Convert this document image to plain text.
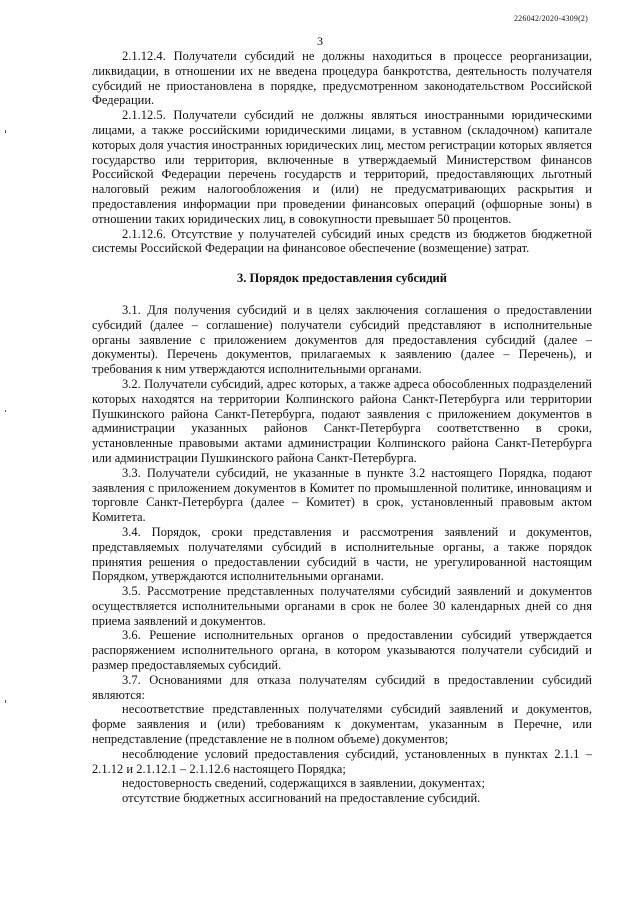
226042/2020-4309(2)
3

2.1.12.4. Получатели субсидий не должны находиться в процессе реорганизации, ликвидации, в отношении их не введена процедура банкротства, деятельность получателя субсидий не приостановлена в порядке, предусмотренном законодательством Российской Федерации.

2.1.12.5. Получатели субсидий не должны являться иностранными юридическими лицами, а также российскими юридическими лицами, в уставном (складочном) капитале которых доля участия иностранных юридических лиц, местом регистрации которых является государство или территория, включенные в утверждаемый Министерством финансов Российской Федерации перечень государств и территорий, предоставляющих льготный налоговый режим налогообложения и (или) не предусматривающих раскрытия и предоставления информации при проведении финансовых операций (офшорные зоны) в отношении таких юридических лиц, в совокупности превышает 50 процентов.

2.1.12.6. Отсутствие у получателей субсидий иных средств из бюджетов бюджетной системы Российской Федерации на финансовое обеспечение (возмещение) затрат.

3. Порядок предоставления субсидий

3.1. Для получения субсидий и в целях заключения соглашения о предоставлении субсидий (далее – соглашение) получатели субсидий представляют в исполнительные органы заявление с приложением документов для предоставления субсидий (далее – документы). Перечень документов, прилагаемых к заявлению (далее – Перечень), и требования к ним утверждаются исполнительными органами.

3.2. Получатели субсидий, адрес которых, а также адреса обособленных подразделений которых находятся на территории Колпинского района Санкт-Петербурга или территории Пушкинского района Санкт-Петербурга, подают заявления с приложением документов в администрации указанных районов Санкт-Петербурга соответственно в сроки, установленные правовыми актами администрации Колпинского района Санкт-Петербурга или администрации Пушкинского района Санкт-Петербурга.

3.3. Получатели субсидий, не указанные в пункте 3.2 настоящего Порядка, подают заявления с приложением документов в Комитет по промышленной политике, инновациям и торговле Санкт-Петербурга (далее – Комитет) в срок, установленный правовым актом Комитета.

3.4. Порядок, сроки представления и рассмотрения заявлений и документов, представляемых получателями субсидий в исполнительные органы, а также порядок принятия решения о предоставлении субсидий в части, не урегулированной настоящим Порядком, утверждаются исполнительными органами.

3.5. Рассмотрение представленных получателями субсидий заявлений и документов осуществляется исполнительными органами в срок не более 30 календарных дней со дня приема заявлений и документов.

3.6. Решение исполнительных органов о предоставлении субсидий утверждается распоряжением исполнительного органа, в котором указываются получатели субсидий и размер предоставляемых субсидий.

3.7. Основаниями для отказа получателям субсидий в предоставлении субсидий являются:

несоответствие представленных получателями субсидий заявлений и документов, форме заявления и (или) требованиям к документам, указанным в Перечне, или непредставление (представление не в полном объеме) документов;

несоблюдение условий предоставления субсидий, установленных в пунктах 2.1.1 – 2.1.12 и 2.1.12.1 – 2.1.12.6 настоящего Порядка;

недостоверность сведений, содержащихся в заявлении, документах;

отсутствие бюджетных ассигнований на предоставление субсидий.
